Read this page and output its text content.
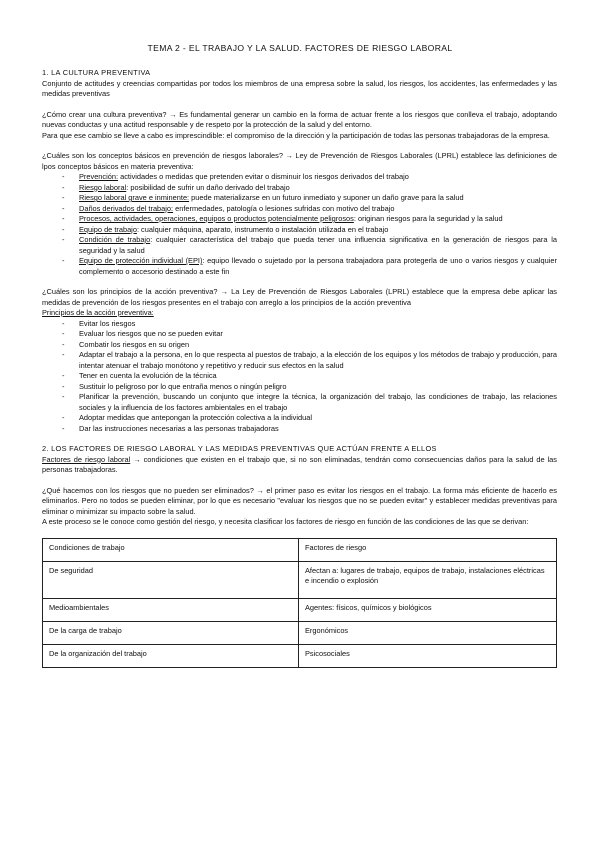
TEMA 2 - EL TRABAJO Y LA SALUD. FACTORES DE RIESGO LABORAL

1. LA CULTURA PREVENTIVA

Conjunto de actitudes y creencias compartidas por todos los miembros de una empresa sobre la salud, los riesgos, los accidentes, las enfermedades y las medidas preventivas

¿Cómo crear una cultura preventiva? → Es fundamental generar un cambio en la forma de actuar frente a los riesgos que conlleva el trabajo, adoptando nuevas conductas y una actitud responsable y de respeto por la protección de la salud y del entorno.

Para que ese cambio se lleve a cabo es imprescindible: el compromiso de la dirección y la participación de todas las personas trabajadoras de la empresa.

¿Cuáles son los conceptos básicos en prevención de riesgos laborales? → Ley de Prevención de Riesgos Laborales (LPRL) establece las definiciones de lpos conceptos básicos en materia preventiva:

- Prevención: actividades o medidas que pretenden evitar o disminuir los riesgos derivados del trabajo
- Riesgo laboral: posibilidad de sufrir un daño derivado del trabajo
- Riesgo laboral grave e inminente: puede materializarse en un futuro inmediato y suponer un daño grave para la salud
- Daños derivados del trabajo: enfermedades, patología o lesiones sufridas con motivo del trabajo
- Procesos, actividades, operaciones, equipos o productos potencialmente peligrosos: originan riesgos para la seguridad y la salud
- Equipo de trabajo: cualquier máquina, aparato, instrumento o instalación utilizada en el trabajo
- Condición de trabajo: cualquier característica del trabajo que pueda tener una influencia significativa en la generación de riesgos para la seguridad y la salud
- Equipo de protección individual (EPI): equipo llevado o sujetado por la persona trabajadora para protegerla de uno o varios riesgos y cualquier complemento o accesorio destinado a este fin

¿Cuáles son los principios de la acción preventiva? → La Ley de Prevención de Riesgos Laborales (LPRL) establece que la empresa debe aplicar las medidas de prevención de los riesgos presentes en el trabajo con arreglo a los principios de la acción preventiva

Principios de la acción preventiva:

- Evitar los riesgos
- Evaluar los riesgos que no se pueden evitar
- Combatir los riesgos en su origen
- Adaptar el trabajo a la persona, en lo que respecta al puestos de trabajo, a la elección de los equipos y los métodos de trabajo y producción, para intentar atenuar el trabajo monótono y repetitivo y reducir sus efectos en la salud
- Tener en cuenta la evolución de la técnica
- Sustituir lo peligroso por lo que entraña menos o ningún peligro
- Planificar la prevención, buscando un conjunto que integre la técnica, la organización del trabajo, las condiciones de trabajo, las relaciones sociales y la influencia de los factores ambientales en el trabajo
- Adoptar medidas que antepongan la protección colectiva a la individual
- Dar las instrucciones necesarias a las personas trabajadoras

2. LOS FACTORES DE RIESGO LABORAL Y LAS MEDIDAS PREVENTIVAS QUE ACTÚAN FRENTE A ELLOS

Factores de riesgo laboral → condiciones que existen en el trabajo que, si no son eliminadas, tendrán como consecuencias daños para la salud de las personas trabajadoras.

¿Qué hacemos con los riesgos que no pueden ser eliminados? → el primer paso es evitar los riesgos en el trabajo. La forma más eficiente de hacerlo es eliminarlos. Pero no todos se pueden eliminar, por lo que es necesario "evaluar los riesgos que no se pueden evitar" y establecer medidas preventivas para eliminar o minimizar su impacto sobre la salud.

A este proceso se le conoce como gestión del riesgo, y necesita clasificar los factores de riesgo en función de las condiciones de las que se derivan:

Condiciones de trabajo	Factores de riesgo
De seguridad	Afectan a: lugares de trabajo, equipos de trabajo, instalaciones eléctricas e incendio o explosión
Medioambientales	Agentes: físicos, químicos y biológicos
De la carga de trabajo	Ergonómicos
De la organización del trabajo	Psicosociales
